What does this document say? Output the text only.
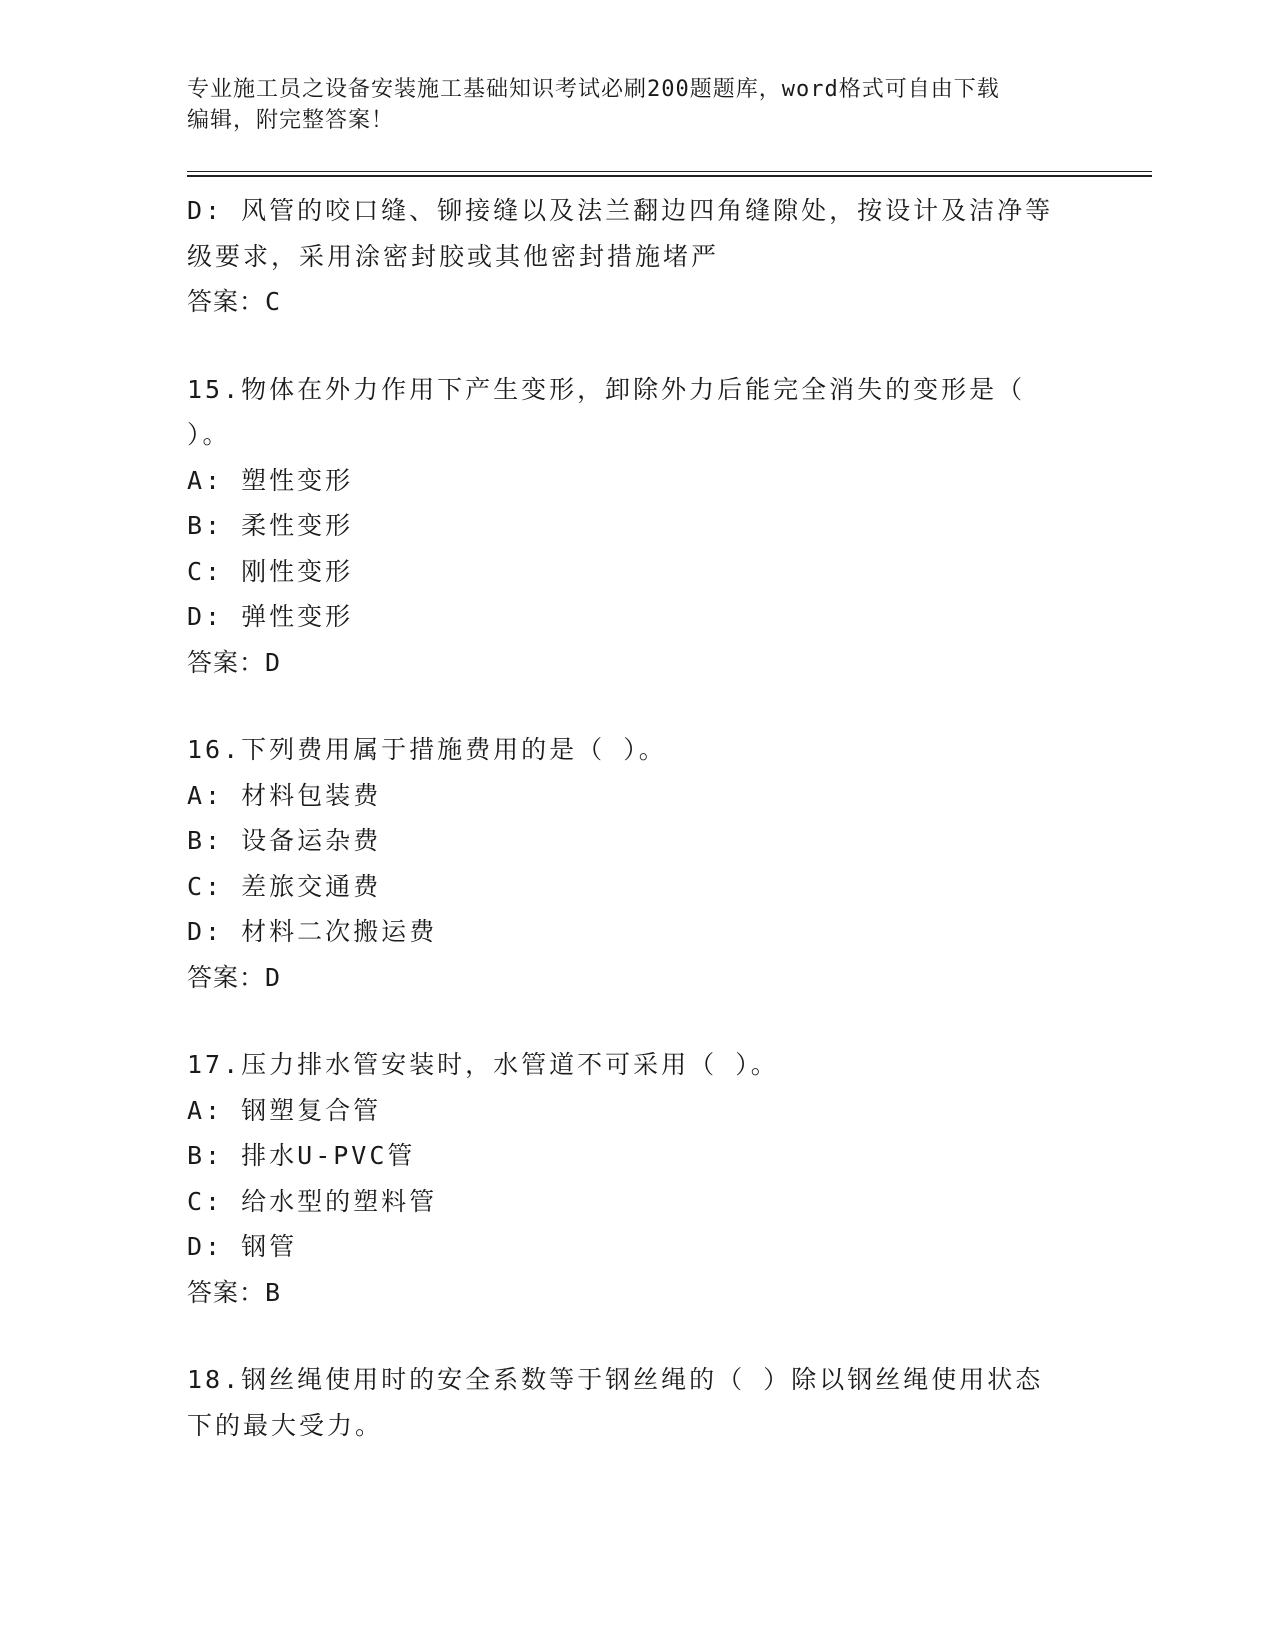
专业施工员之设备安装施工基础知识考试必刷200题题库，word格式可自由下载
编辑，附完整答案！
D: 风管的咬口缝、铆接缝以及法兰翻边四角缝隙处，按设计及洁净等
级要求，采用涂密封胶或其他密封措施堵严
答案：C
15.物体在外力作用下产生变形，卸除外力后能完全消失的变形是（
）。
A: 塑性变形
B: 柔性变形
C: 刚性变形
D: 弹性变形
答案：D
16.下列费用属于措施费用的是（ ）。
A: 材料包装费
B: 设备运杂费
C: 差旅交通费
D: 材料二次搬运费
答案：D
17.压力排水管安装时，水管道不可采用（ ）。
A: 钢塑复合管
B: 排水U-PVC管
C: 给水型的塑料管
D: 钢管
答案：B
18.钢丝绳使用时的安全系数等于钢丝绳的（ ）除以钢丝绳使用状态
下的最大受力。
